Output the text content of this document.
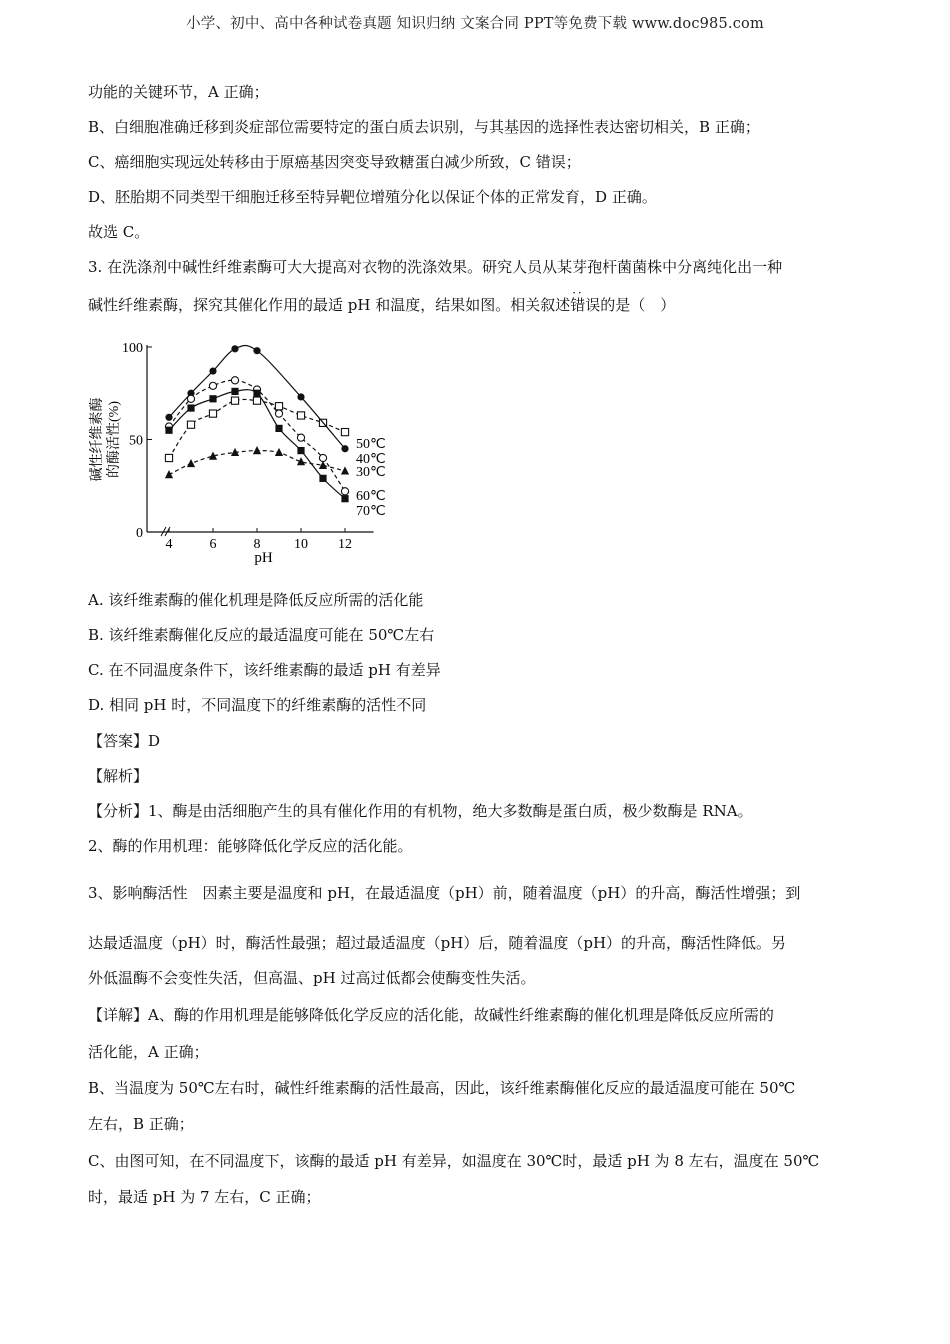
小学、初中、高中各种试卷真题 知识归纳 文案合同 PPT等免费下载 www.doc985.com
功能的关键环节，A 正确；
B、白细胞准确迁移到炎症部位需要特定的蛋白质去识别，与其基因的选择性表达密切相关，B 正确；
C、癌细胞实现远处转移由于原癌基因突变导致糖蛋白减少所致，C 错误；
D、胚胎期不同类型干细胞迁移至特异靶位增殖分化以保证个体的正常发育，D 正确。
故选 C。
3. 在洗涤剂中碱性纤维素酶可大大提高对衣物的洗涤效果。研究人员从某芽孢杆菌菌株中分离纯化出一种
碱性纤维素酶，探究其催化作用的最适 pH 和温度，结果如图。相关叙述· · 错误的是（　）
0
50
100
4	6	8 10 12
pH
碱性纤维素酶 的酶活性(%)	40℃
50℃
30℃
60℃
70℃
A. 该纤维素酶的催化机理是降低反应所需的活化能
B. 该纤维素酶催化反应的最适温度可能在 50℃左右
C. 在不同温度条件下，该纤维素酶的最适 pH 有差异
D. 相同 pH 时，不同温度下的纤维素酶的活性不同
【答案】D
【解析】
【分析】1、酶是由活细胞产生的具有催化作用的有机物，绝大多数酶是蛋白质，极少数酶是 RNA。
2、酶的作用机理：能够降低化学反应的活化能。
3、影响酶活性　因素主要是温度和 pH，在最适温度（pH）前，随着温度（pH）的升高，酶活性增强；到
达最适温度（pH）时，酶活性最强；超过最适温度（pH）后，随着温度（pH）的升高，酶活性降低。另
外低温酶不会变性失活，但高温、pH 过高过低都会使酶变性失活。
【详解】A、酶的作用机理是能够降低化学反应的活化能，故碱性纤维素酶的催化机理是降低反应所需的
活化能，A 正确；
B、当温度为 50℃左右时，碱性纤维素酶的活性最高，因此，该纤维素酶催化反应的最适温度可能在 50℃
左右，B 正确；
C、由图可知，在不同温度下，该酶的最适 pH 有差异，如温度在 30℃时，最适 pH 为 8 左右，温度在 50℃
时，最适 pH 为 7 左右，C 正确；
